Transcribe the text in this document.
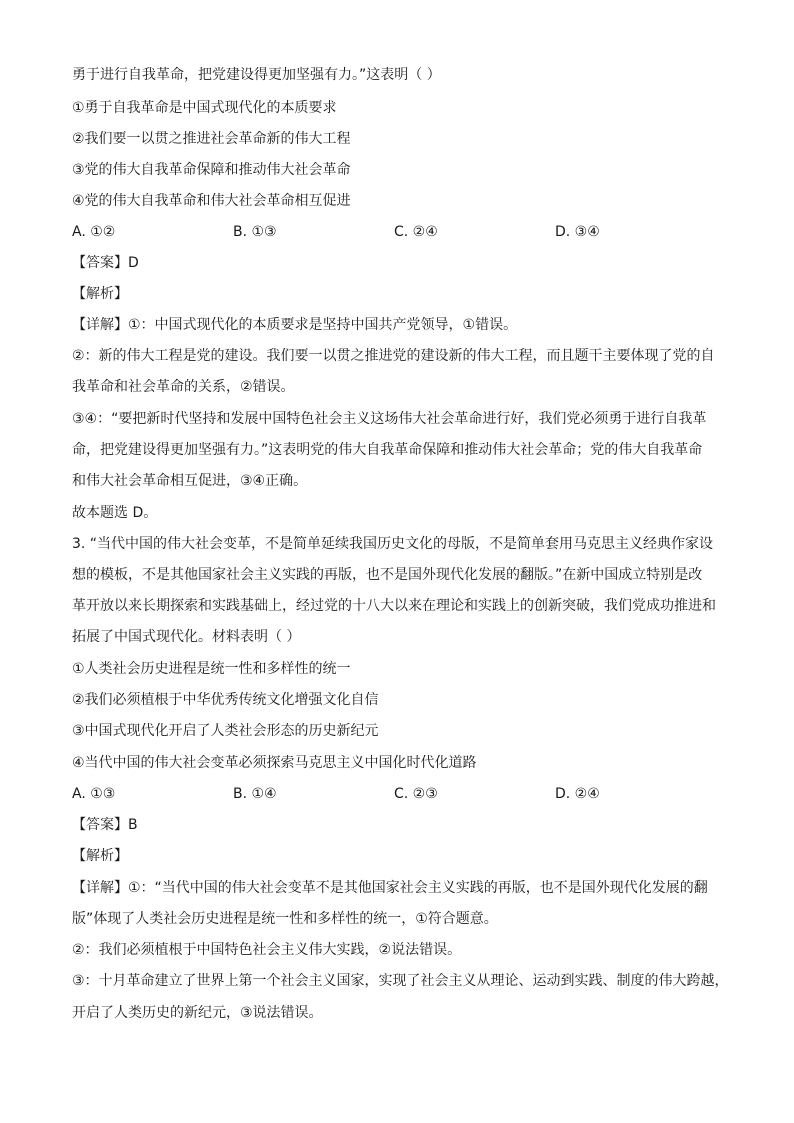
勇于进行自我革命，把党建设得更加坚强有力。”这表明（ ）
①勇于自我革命是中国式现代化的本质要求
②我们要一以贯之推进社会革命新的伟大工程
③党的伟大自我革命保障和推动伟大社会革命
④党的伟大自我革命和伟大社会革命相互促进
A. ①②	B. ①③	C. ②④	D. ③④
【答案】D
【解析】
【详解】①：中国式现代化的本质要求是坚持中国共产党领导，①错误。
②：新的伟大工程是党的建设。我们要一以贯之推进党的建设新的伟大工程，而且题干主要体现了党的自
我革命和社会革命的关系，②错误。
③④：“要把新时代坚持和发展中国特色社会主义这场伟大社会革命进行好，我们党必须勇于进行自我革
命，把党建设得更加坚强有力。”这表明党的伟大自我革命保障和推动伟大社会革命；党的伟大自我革命
和伟大社会革命相互促进，③④正确。
故本题选 D。
3. “当代中国的伟大社会变革，不是简单延续我国历史文化的母版，不是简单套用马克思主义经典作家设
想的模板，不是其他国家社会主义实践的再版，也不是国外现代化发展的翻版。”在新中国成立特别是改
革开放以来长期探索和实践基础上，经过党的十八大以来在理论和实践上的创新突破，我们党成功推进和
拓展了中国式现代化。材料表明（ ）
①人类社会历史进程是统一性和多样性的统一
②我们必须植根于中华优秀传统文化增强文化自信
③中国式现代化开启了人类社会形态的历史新纪元
④当代中国的伟大社会变革必须探索马克思主义中国化时代化道路
A. ①③	B. ①④	C. ②③	D. ②④
【答案】B
【解析】
【详解】①：“当代中国的伟大社会变革不是其他国家社会主义实践的再版，也不是国外现代化发展的翻
版”体现了人类社会历史进程是统一性和多样性的统一，①符合题意。
②：我们必须植根于中国特色社会主义伟大实践，②说法错误。
③：十月革命建立了世界上第一个社会主义国家，实现了社会主义从理论、运动到实践、制度的伟大跨越，
开启了人类历史的新纪元，③说法错误。
